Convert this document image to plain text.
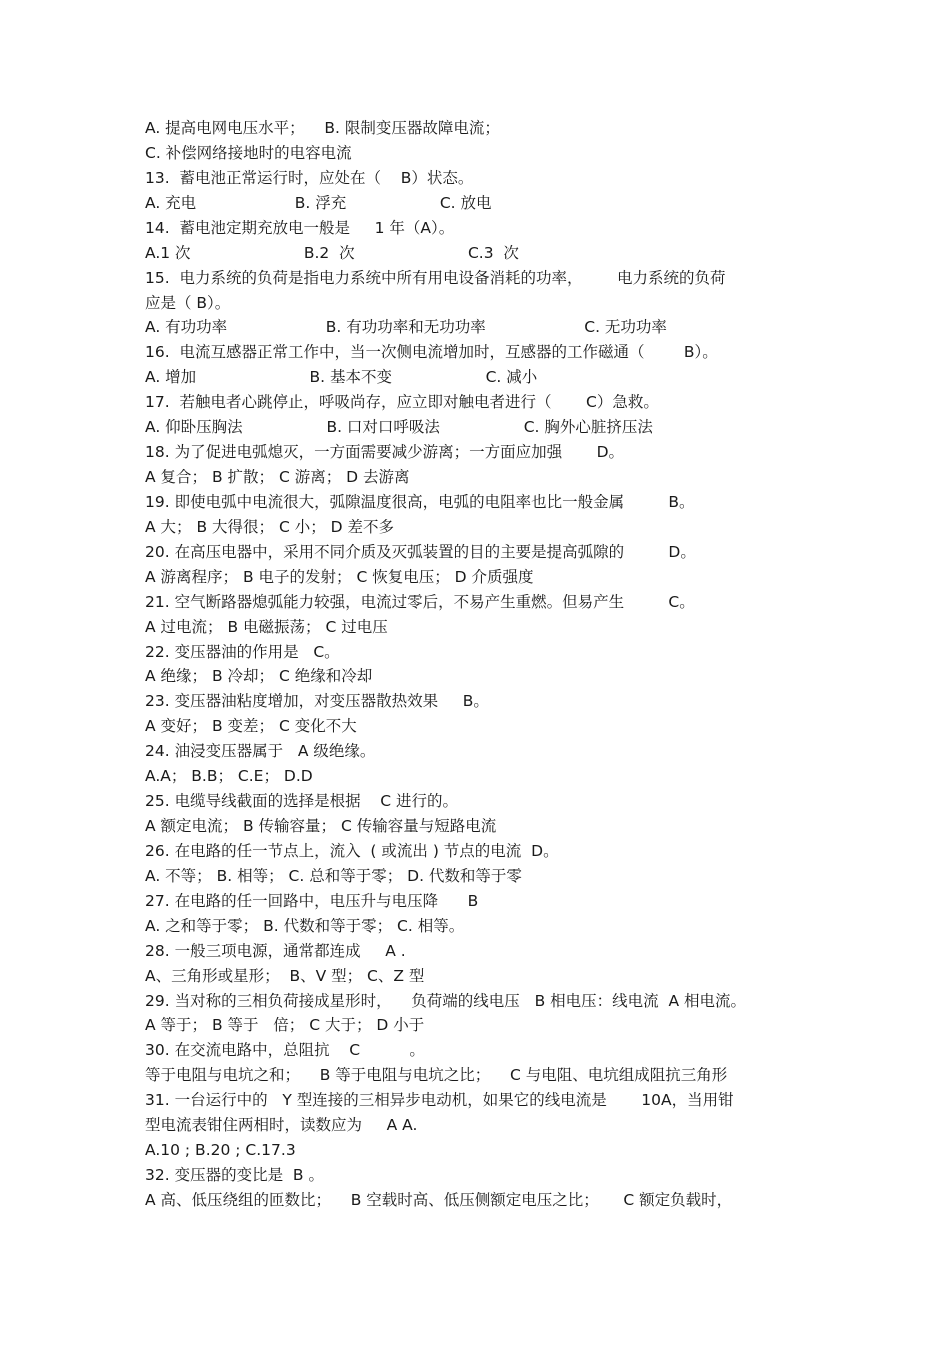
A. 提高电网电压水平；    B. 限制变压器故障电流；
C. 补偿网络接地时的电容电流
13.  蓄电池正常运行时，应处在（    B）状态。
A. 充电                    B. 浮充                   C. 放电
14.  蓄电池定期充放电一般是     1 年（A）。
A.1 次                       B.2  次                       C.3  次
15.  电力系统的负荷是指电力系统中所有用电设备消耗的功率，       电力系统的负荷
应是（ B）。
A. 有功功率                    B. 有功功率和无功功率                    C. 无功功率
16.  电流互感器正常工作中，当一次侧电流增加时，互感器的工作磁通（        B）。
A. 增加                       B. 基本不变                   C. 减小
17.  若触电者心跳停止，呼吸尚存，应立即对触电者进行（       C）急救。
A. 仰卧压胸法                 B. 口对口呼吸法                 C. 胸外心脏挤压法
18. 为了促进电弧熄灭，一方面需要减少游离；一方面应加强       D。
A 复合； B 扩散； C 游离； D 去游离
19. 即使电弧中电流很大，弧隙温度很高，电弧的电阻率也比一般金属         B。
A 大； B 大得很； C 小； D 差不多
20. 在高压电器中，采用不同介质及灭弧装置的目的主要是提高弧隙的         D。
A 游离程序； B 电子的发射； C 恢复电压； D 介质强度
21. 空气断路器熄弧能力较强，电流过零后，不易产生重燃。但易产生         C。
A 过电流； B 电磁振荡； C 过电压
22. 变压器油的作用是   C。
A 绝缘； B 冷却； C 绝缘和冷却
23. 变压器油粘度增加，对变压器散热效果     B。
A 变好； B 变差； C 变化不大
24. 油浸变压器属于   A 级绝缘。
A.A； B.B； C.E； D.D
25. 电缆导线截面的选择是根据    C 进行的。
A 额定电流； B 传输容量； C 传输容量与短路电流
26. 在电路的任一节点上，流入  ( 或流出 ) 节点的电流  D。
A. 不等； B. 相等； C. 总和等于零； D. 代数和等于零
27. 在电路的任一回路中，电压升与电压降      B
A. 之和等于零； B. 代数和等于零； C. 相等。
28. 一般三项电源，通常都连成     A .
A、三角形或星形；  B、V 型； C、Z 型
29. 当对称的三相负荷接成星形时，    负荷端的线电压   B 相电压：线电流  A 相电流。
A 等于； B 等于   倍； C 大于； D 小于
30. 在交流电路中，总阻抗    C          。
等于电阻与电坑之和；    B 等于电阻与电坑之比；    C 与电阻、电坑组成阻抗三角形
31. 一台运行中的   Y 型连接的三相异步电动机，如果它的线电流是       10A，当用钳
型电流表钳住两相时，读数应为     A A.
A.10 ; B.20 ; C.17.3
32. 变压器的变比是  B 。
A 高、低压绕组的匝数比；    B 空载时高、低压侧额定电压之比；     C 额定负载时，
